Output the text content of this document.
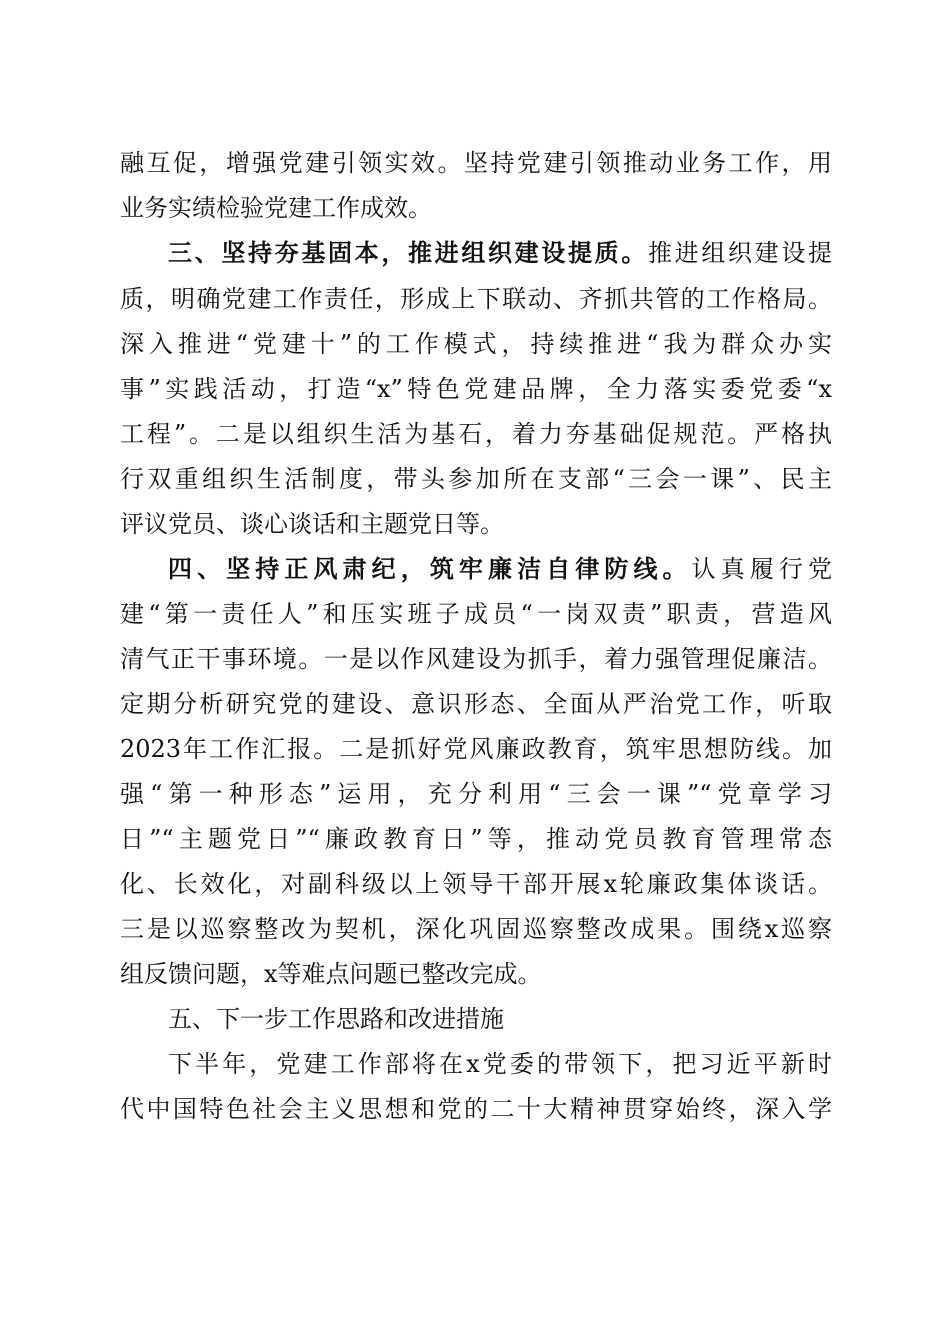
融互促，增强党建引领实效。坚持党建引领推动业务工作，用
业务实绩检验党建工作成效。
三、坚持夯基固本，推进组织建设提质。推进组织建设提
质，明确党建工作责任，形成上下联动、齐抓共管的工作格局。
深入推进“党建十”的工作模式，持续推进“我为群众办实
事”实践活动，打造“x”特色党建品牌，全力落实委党委“x
工程”。二是以组织生活为基石，着力夯基础促规范。严格执
行双重组织生活制度，带头参加所在支部“三会一课”、民主
评议党员、谈心谈话和主题党日等。
四、坚持正风肃纪，筑牢廉洁自律防线。认真履行党
建“第一责任人”和压实班子成员“一岗双责”职责，营造风
清气正干事环境。一是以作风建设为抓手，着力强管理促廉洁。
定期分析研究党的建设、意识形态、全面从严治党工作，听取
2023年工作汇报。二是抓好党风廉政教育，筑牢思想防线。加
强“第一种形态”运用，充分利用“三会一课”“党章学习
日”“主题党日”“廉政教育日”等，推动党员教育管理常态
化、长效化，对副科级以上领导干部开展x轮廉政集体谈话。
三是以巡察整改为契机，深化巩固巡察整改成果。围绕x巡察
组反馈问题，x等难点问题已整改完成。
五、下一步工作思路和改进措施
下半年，党建工作部将在x党委的带领下，把习近平新时
代中国特色社会主义思想和党的二十大精神贯穿始终，深入学
